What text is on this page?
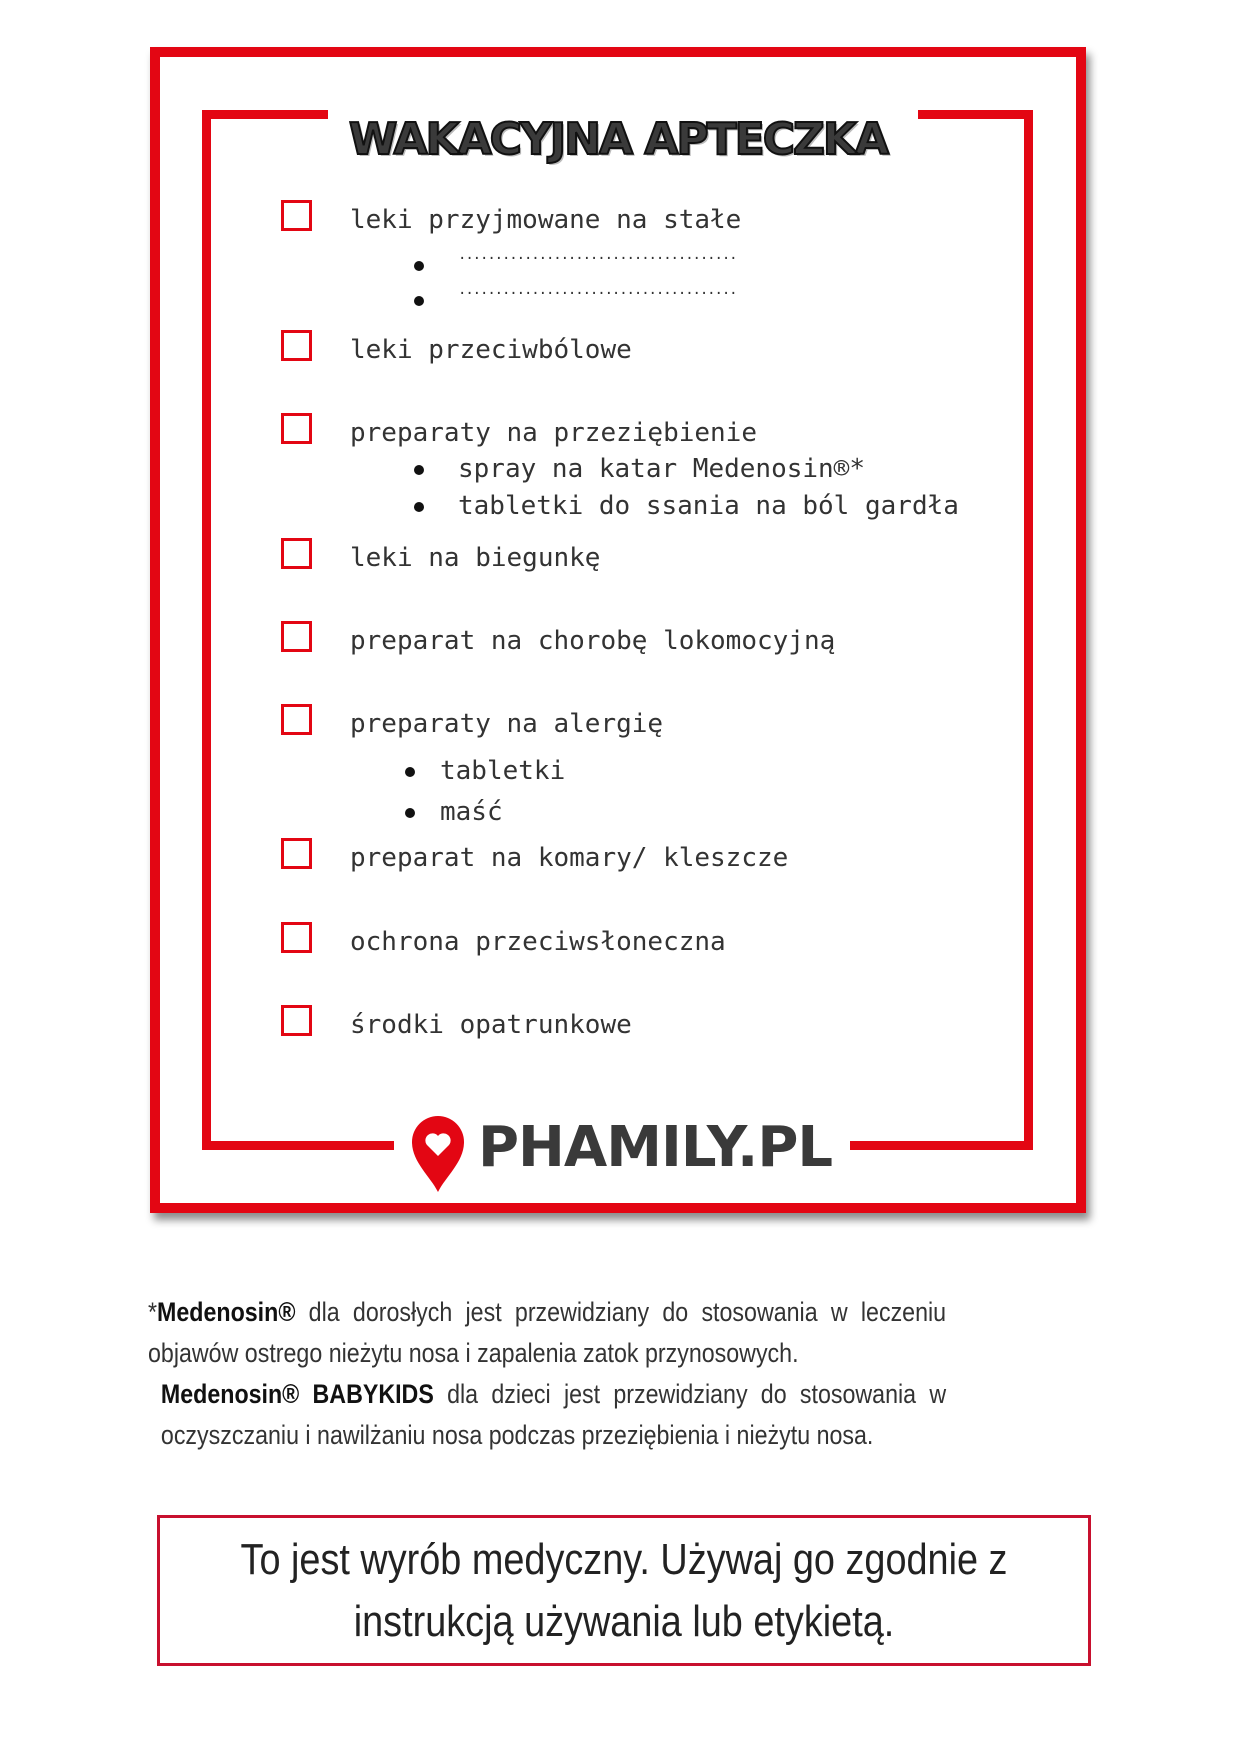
WAKACYJNA APTECZKA
leki przyjmowane na stałe
......................................
......................................
leki przeciwbólowe
preparaty na przeziębienie
spray na katar Medenosin®*
tabletki do ssania na ból gardła
leki na biegunkę
preparat na chorobę lokomocyjną
preparaty na alergię
tabletki
maść
preparat na komary/ kleszcze
ochrona przeciwsłoneczna
środki opatrunkowe
PHAMILY.PL

*Medenosin® dla dorosłych jest przewidziany do stosowania w leczeniu objawów ostrego nieżytu nosa i zapalenia zatok przynosowych.

Medenosin® BABYKIDS dla dzieci jest przewidziany do stosowania w oczyszczaniu i nawilżaniu nosa podczas przeziębienia i nieżytu nosa.

To jest wyrób medyczny. Używaj go zgodnie z instrukcją używania lub etykietą.
